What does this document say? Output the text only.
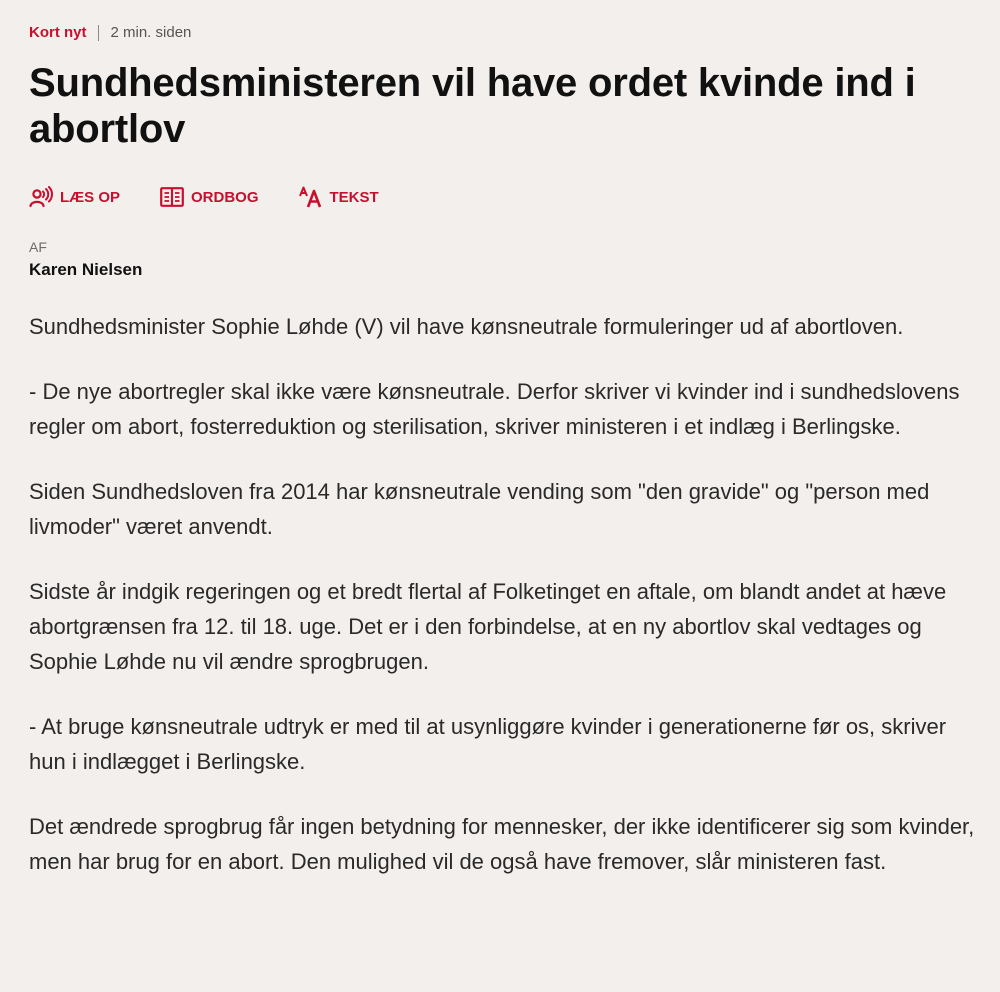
Kort nyt 2 min. siden
Sundhedsministeren vil have ordet kvinde ind i abortlov
LÆS OP	ORDBOG	TEKST
AF
Karen Nielsen

Sundhedsminister Sophie Løhde (V) vil have kønsneutrale formuleringer ud af abortloven.

- De nye abortregler skal ikke være kønsneutrale. Derfor skriver vi kvinder ind i sundhedslovens regler om abort, fosterreduktion og sterilisation, skriver ministeren i et indlæg i Berlingske.

Siden Sundhedsloven fra 2014 har kønsneutrale vending som "den gravide" og "person med livmoder" været anvendt.

Sidste år indgik regeringen og et bredt flertal af Folketinget en aftale, om blandt andet at hæve abortgrænsen fra 12. til 18. uge. Det er i den forbindelse, at en ny abortlov skal vedtages og Sophie Løhde nu vil ændre sprogbrugen.

- At bruge kønsneutrale udtryk er med til at usynliggøre kvinder i generationerne før os, skriver hun i indlægget i Berlingske.

Det ændrede sprogbrug får ingen betydning for mennesker, der ikke identificerer sig som kvinder, men har brug for en abort. Den mulighed vil de også have fremover, slår ministeren fast.
